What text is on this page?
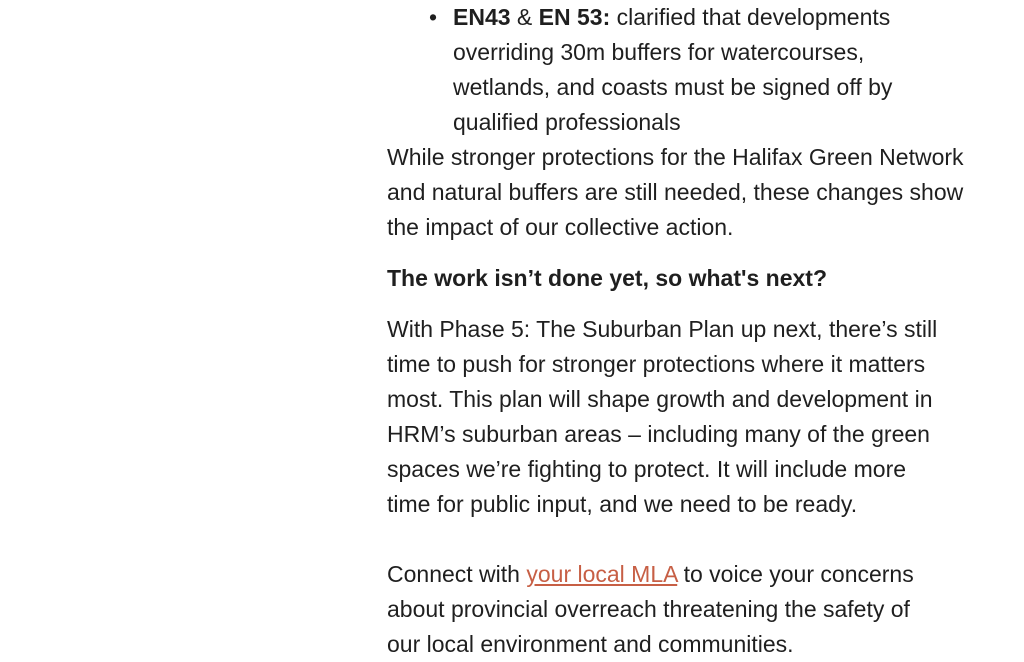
• EN43 & EN 53: clarified that developments overriding 30m buffers for watercourses, wetlands, and coasts must be signed off by qualified professionals

While stronger protections for the Halifax Green Network and natural buffers are still needed, these changes show the impact of our collective action.

The work isn’t done yet, so what's next?

With Phase 5: The Suburban Plan up next, there’s still time to push for stronger protections where it matters most. This plan will shape growth and development in HRM’s suburban areas – including many of the green spaces we’re fighting to protect. It will include more time for public input, and we need to be ready.

Connect with your local MLA to voice your concerns about provincial overreach threatening the safety of our local environment and communities.
